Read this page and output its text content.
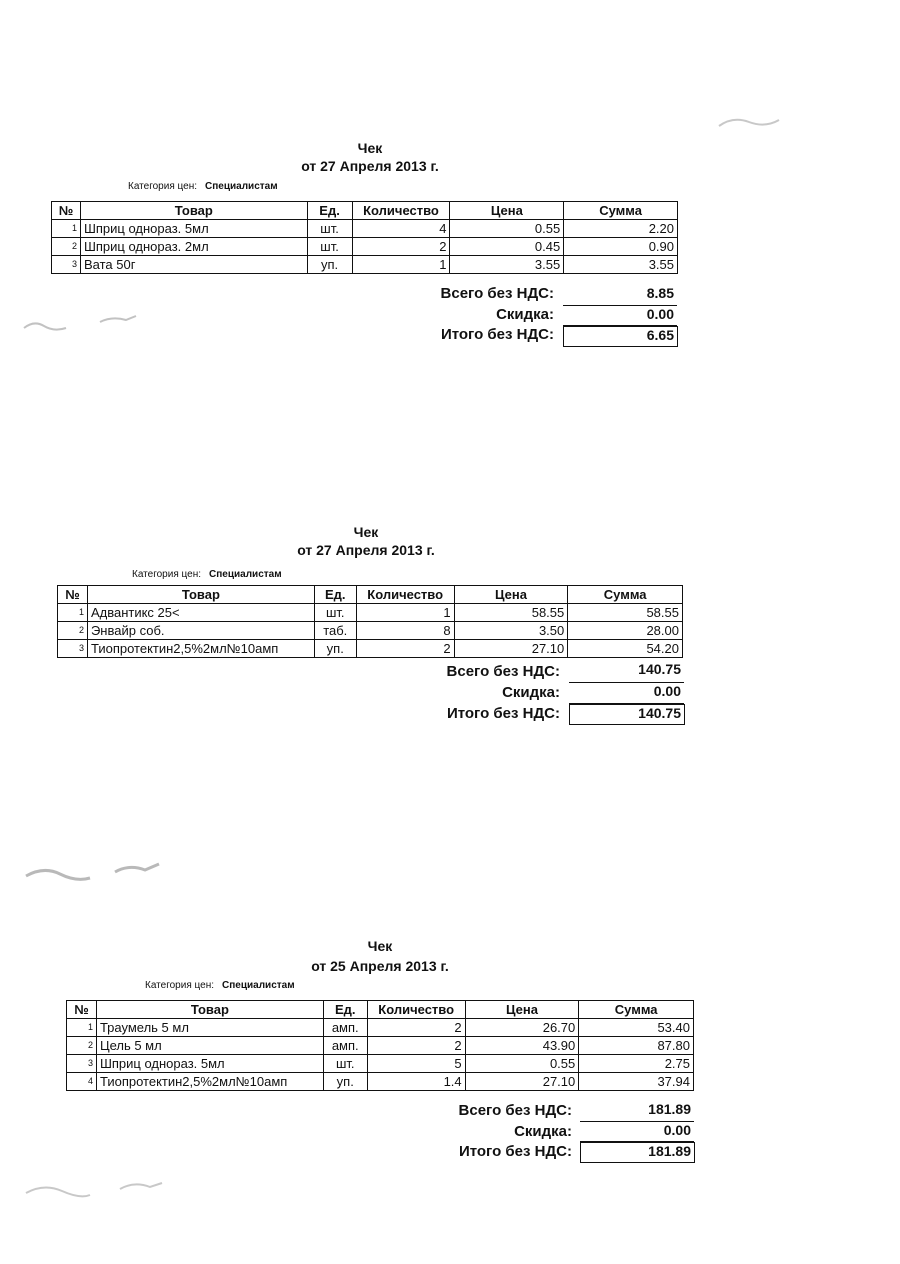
Чек
от 27 Апреля 2013 г.
Категория цен: Специалистам
№	Товар	Ед.	Количество	Цена	Сумма
1	Шприц однораз. 5мл	шт.	4	0.55	2.20
2	Шприц однораз. 2мл	шт.	2	0.45	0.90
3	Вата 50г	уп.	1	3.55	3.55
Всего без НДС:	8.85
Скидка:	0.00
Итого без НДС:	6.65
Чек
от 27 Апреля 2013 г.
Категория цен: Специалистам
№	Товар	Ед.	Количество	Цена	Сумма
1	Адвантикс 25<	шт.	1	58.55	58.55
2	Энвайр соб.	таб.	8	3.50	28.00
3	Тиопротектин2,5%2мл№10амп	уп.	2	27.10	54.20
Всего без НДС:	140.75
Скидка:	0.00
Итого без НДС:	140.75
Чек
от 25 Апреля 2013 г.
Категория цен: Специалистам
№	Товар	Ед.	Количество	Цена	Сумма
1	Траумель 5 мл	амп.	2	26.70	53.40
2	Цель 5 мл	амп.	2	43.90	87.80
3	Шприц однораз. 5мл	шт.	5	0.55	2.75
4	Тиопротектин2,5%2мл№10амп	уп.	1.4	27.10	37.94
Всего без НДС:	181.89
Скидка:	0.00
Итого без НДС:	181.89
